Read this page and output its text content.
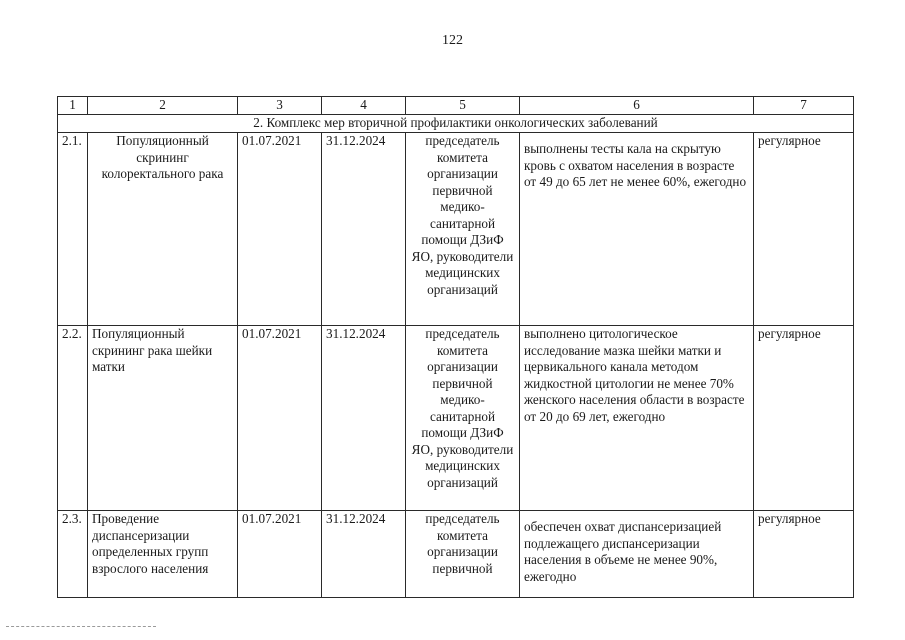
122
1	2	3	4	5	6	7
2. Комплекс мер вторичной профилактики онкологических заболеваний						
2.1.	Популяционный скрининг колоректального рака	01.07.2021	31.12.2024	председатель комитета организации первичной медико-санитарной помощи ДЗиФ ЯО, руководители медицинских организаций	выполнены тесты кала на скрытую кровь с охватом населения в возрасте от 49 до 65 лет не менее 60%, ежегодно	регулярное
2.2.	Популяционный скрининг рака шейки матки	01.07.2021	31.12.2024	председатель комитета организации первичной медико-санитарной помощи ДЗиФ ЯО, руководители медицинских организаций	выполнено цитологическое исследование мазка шейки матки и цервикального канала методом жидкостной цитологии не менее 70% женского населения области в возрасте от 20 до 69 лет, ежегодно	регулярное
2.3.	Проведение диспансеризации определенных групп взрослого населения	01.07.2021	31.12.2024	председатель комитета организации первичной	обеспечен охват диспансеризацией подлежащего диспансеризации населения в объеме не менее 90%, ежегодно	регулярное
